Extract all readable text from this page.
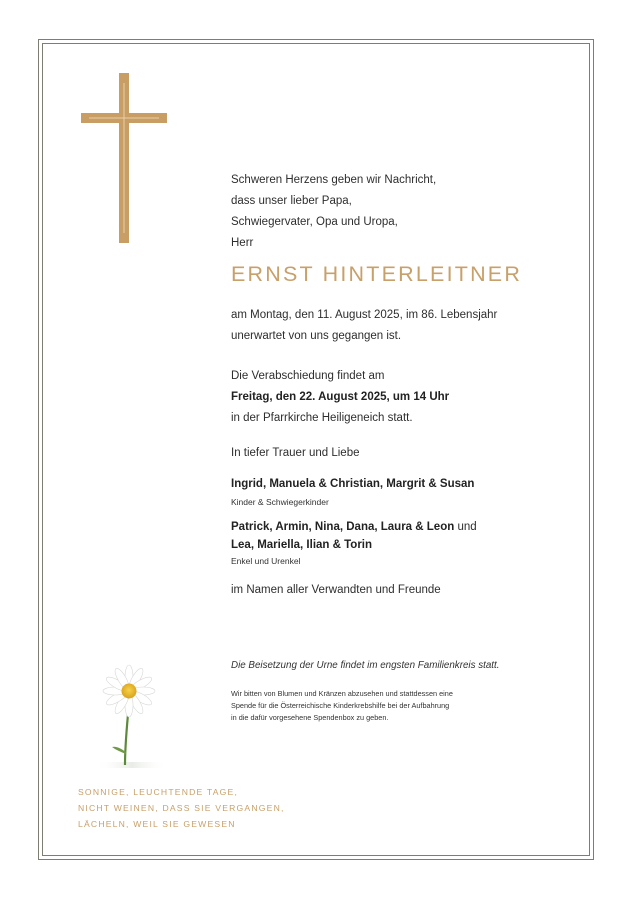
Schweren Herzens geben wir Nachricht,
dass unser lieber Papa,
Schwiegervater, Opa und Uropa,
Herr
ERNST HINTERLEITNER
am Montag, den 11. August 2025, im 86. Lebensjahr
unerwartet von uns gegangen ist.
Die Verabschiedung findet am
Freitag, den 22. August 2025, um 14 Uhr
in der Pfarrkirche Heiligeneich statt.
In tiefer Trauer und Liebe
Ingrid, Manuela & Christian, Margrit & Susan
Kinder & Schwiegerkinder
Patrick, Armin, Nina, Dana, Laura & Leon und
Lea, Mariella, Ilian & Torin
Enkel und Urenkel
im Namen aller Verwandten und Freunde
Die Beisetzung der Urne findet im engsten Familienkreis statt.
Wir bitten von Blumen und Kränzen abzusehen und stattdessen eine
Spende für die Österreichische Kinderkrebshilfe bei der Aufbahrung
in die dafür vorgesehene Spendenbox zu geben.
SONNIGE, LEUCHTENDE TAGE,
NICHT WEINEN, DASS SIE VERGANGEN,
LÄCHELN, WEIL SIE GEWESEN
